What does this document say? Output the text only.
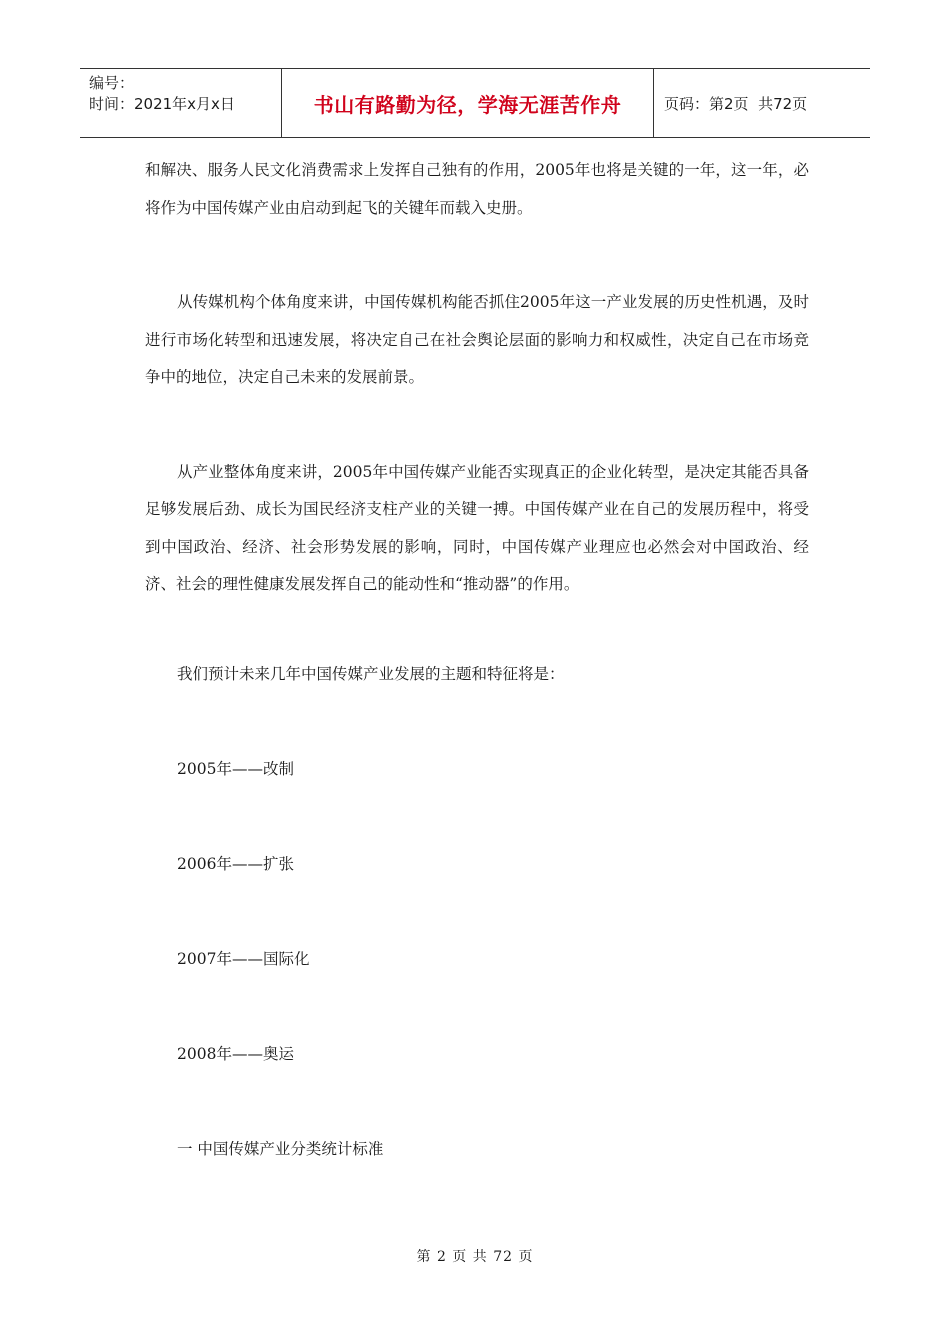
编号：
时间：2021年x月x日	书山有路勤为径，学海无涯苦作舟	页码：第2页  共72页

和解决、服务人民文化消费需求上发挥自己独有的作用，2005年也将是关键的一年，这一年，必将作为中国传媒产业由启动到起飞的关键年而载入史册。

从传媒机构个体角度来讲，中国传媒机构能否抓住2005年这一产业发展的历史性机遇，及时进行市场化转型和迅速发展，将决定自己在社会舆论层面的影响力和权威性，决定自己在市场竞争中的地位，决定自己未来的发展前景。

从产业整体角度来讲，2005年中国传媒产业能否实现真正的企业化转型，是决定其能否具备足够发展后劲、成长为国民经济支柱产业的关键一搏。中国传媒产业在自己的发展历程中，将受到中国政治、经济、社会形势发展的影响，同时，中国传媒产业理应也必然会对中国政治、经济、社会的理性健康发展发挥自己的能动性和“推动器”的作用。

我们预计未来几年中国传媒产业发展的主题和特征将是：

2005年——改制

2006年——扩张

2007年——国际化

2008年——奥运

一 中国传媒产业分类统计标准

第 2 页 共 72 页
